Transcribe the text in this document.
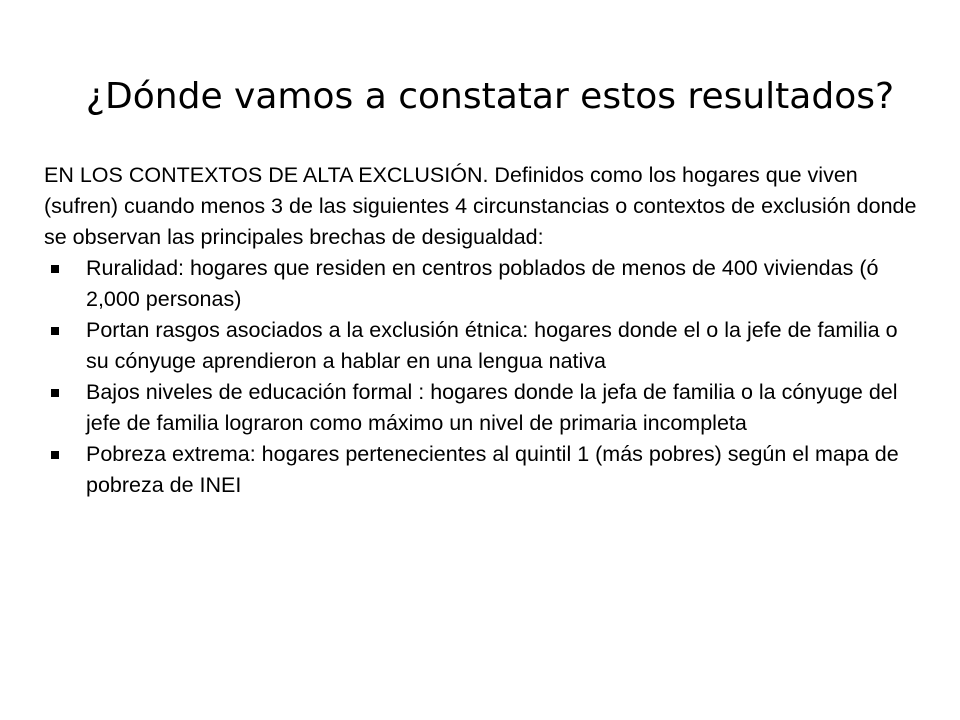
¿Dónde vamos a constatar estos resultados?

EN LOS CONTEXTOS DE ALTA EXCLUSIÓN. Definidos como los hogares que viven (sufren) cuando menos 3 de las siguientes 4 circunstancias o contextos de exclusión donde se observan las principales brechas de desigualdad:

Ruralidad: hogares que residen en centros poblados de menos de 400 viviendas (ó 2,000 personas)
Portan rasgos asociados a la exclusión étnica: hogares donde el o la jefe de familia o su cónyuge aprendieron a hablar en una lengua nativa
Bajos niveles de educación formal : hogares donde la jefa de familia o la cónyuge del jefe de familia lograron como máximo un nivel de primaria incompleta
Pobreza extrema: hogares pertenecientes al quintil 1 (más pobres) según el mapa de pobreza de INEI
